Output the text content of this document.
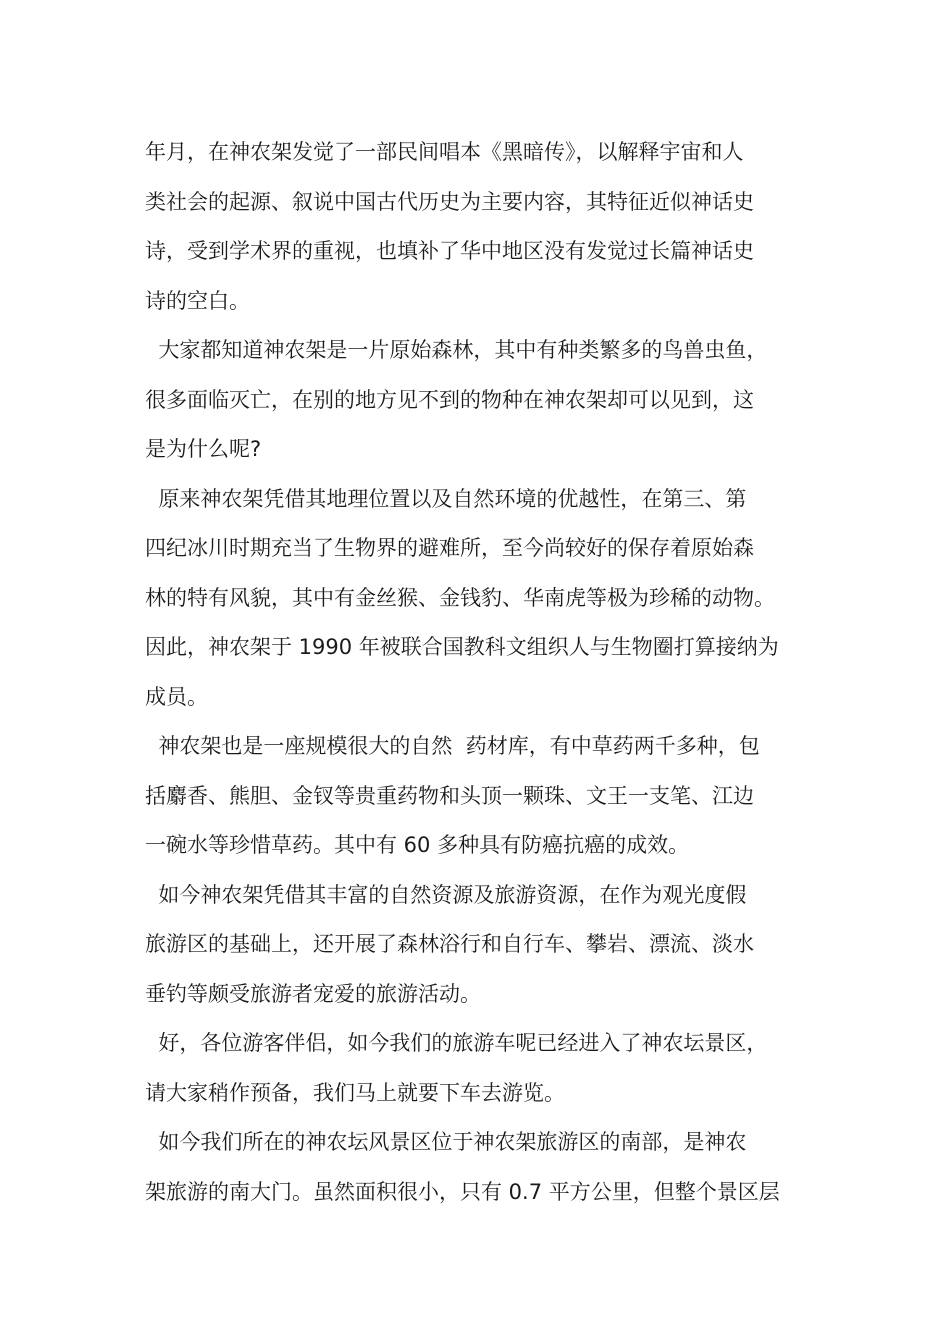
年月，在神农架发觉了一部民间唱本《黑暗传》，以解释宇宙和人
类社会的起源、叙说中国古代历史为主要内容，其特征近似神话史
诗，受到学术界的重视，也填补了华中地区没有发觉过长篇神话史
诗的空白。
大家都知道神农架是一片原始森林，其中有种类繁多的鸟兽虫鱼，
很多面临灭亡，在别的地方见不到的物种在神农架却可以见到，这
是为什么呢?
原来神农架凭借其地理位置以及自然环境的优越性，在第三、第
四纪冰川时期充当了生物界的避难所，至今尚较好的保存着原始森
林的特有风貌，其中有金丝猴、金钱豹、华南虎等极为珍稀的动物。
因此，神农架于 1990 年被联合国教科文组织人与生物圈打算接纳为
成员。
神农架也是一座规模很大的自然  药材库，有中草药两千多种，包
括麝香、熊胆、金钗等贵重药物和头顶一颗珠、文王一支笔、江边
一碗水等珍惜草药。其中有 60 多种具有防癌抗癌的成效。
如今神农架凭借其丰富的自然资源及旅游资源，在作为观光度假
旅游区的基础上，还开展了森林浴行和自行车、攀岩、漂流、淡水
垂钓等颇受旅游者宠爱的旅游活动。
好，各位游客伴侣，如今我们的旅游车呢已经进入了神农坛景区，
请大家稍作预备，我们马上就要下车去游览。
如今我们所在的神农坛风景区位于神农架旅游区的南部，是神农
架旅游的南大门。虽然面积很小，只有 0.7 平方公里，但整个景区层
